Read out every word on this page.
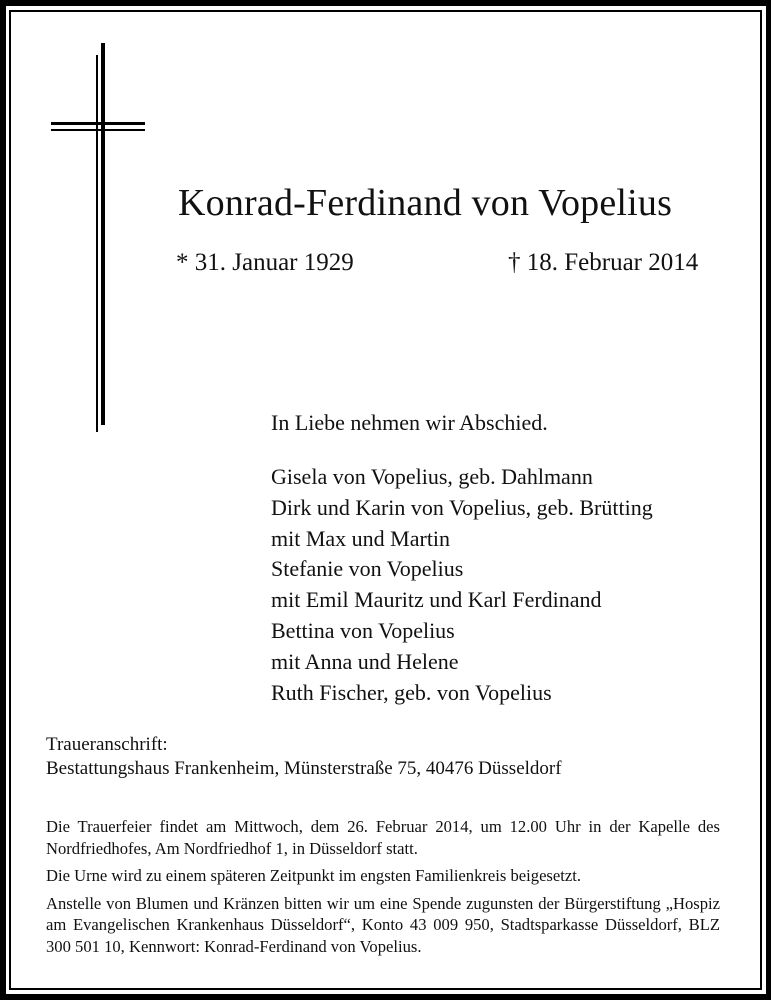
Konrad-Ferdinand von Vopelius
* 31. Januar 1929	† 18. Februar 2014
In Liebe nehmen wir Abschied.
Gisela von Vopelius, geb. Dahlmann
Dirk und Karin von Vopelius, geb. Brütting
mit Max und Martin
Stefanie von Vopelius
mit Emil Mauritz und Karl Ferdinand
Bettina von Vopelius
mit Anna und Helene
Ruth Fischer, geb. von Vopelius
Traueranschrift:
Bestattungshaus Frankenheim, Münsterstraße 75, 40476 Düsseldorf

Die Trauerfeier findet am Mittwoch, dem 26. Februar 2014, um 12.00 Uhr in der Kapelle des Nordfriedhofes, Am Nordfriedhof 1, in Düsseldorf statt.

Die Urne wird zu einem späteren Zeitpunkt im engsten Familienkreis beigesetzt.

Anstelle von Blumen und Kränzen bitten wir um eine Spende zugunsten der Bürgerstiftung „Hospiz am Evangelischen Krankenhaus Düsseldorf“, Konto 43 009 950, Stadtsparkasse Düsseldorf, BLZ 300 501 10, Kennwort: Konrad-Ferdinand von Vopelius.
